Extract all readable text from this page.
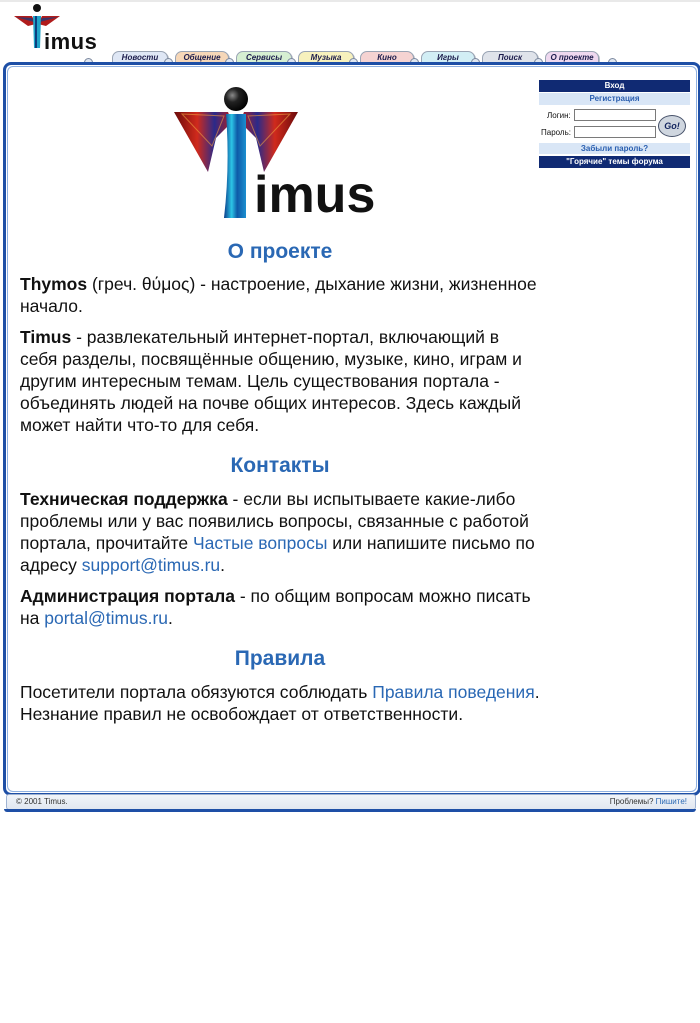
imus
Новости	Общение	Сервисы	Музыка	Кино	Игры	Поиск	О проекте
imus
О проекте

Thymos (греч. θύμος) - настроение, дыхание жизни, жизненное начало.

Timus - развлекательный интернет-портал, включающий в себя разделы, посвящённые общению, музыке, кино, играм и другим интересным темам. Цель существования портала - объединять людей на почве общих интересов. Здесь каждый может найти что-то для себя.

Контакты

Техническая поддержка - если вы испытываете какие-либо проблемы или у вас появились вопросы, связанные с работой портала, прочитайте Частые вопросы или напишите письмо по адресу support@timus.ru.

Администрация портала - по общим вопросам можно писать на portal@timus.ru.

Правила

Посетители портала обязуются соблюдать Правила поведения. Незнание правил не освобождает от ответственности.

Вход
Регистрация
Логин:
Пароль:
Go!
Забыли пароль?
"Горячие" темы форума
© 2001 Timus.	Проблемы? Пишите!
